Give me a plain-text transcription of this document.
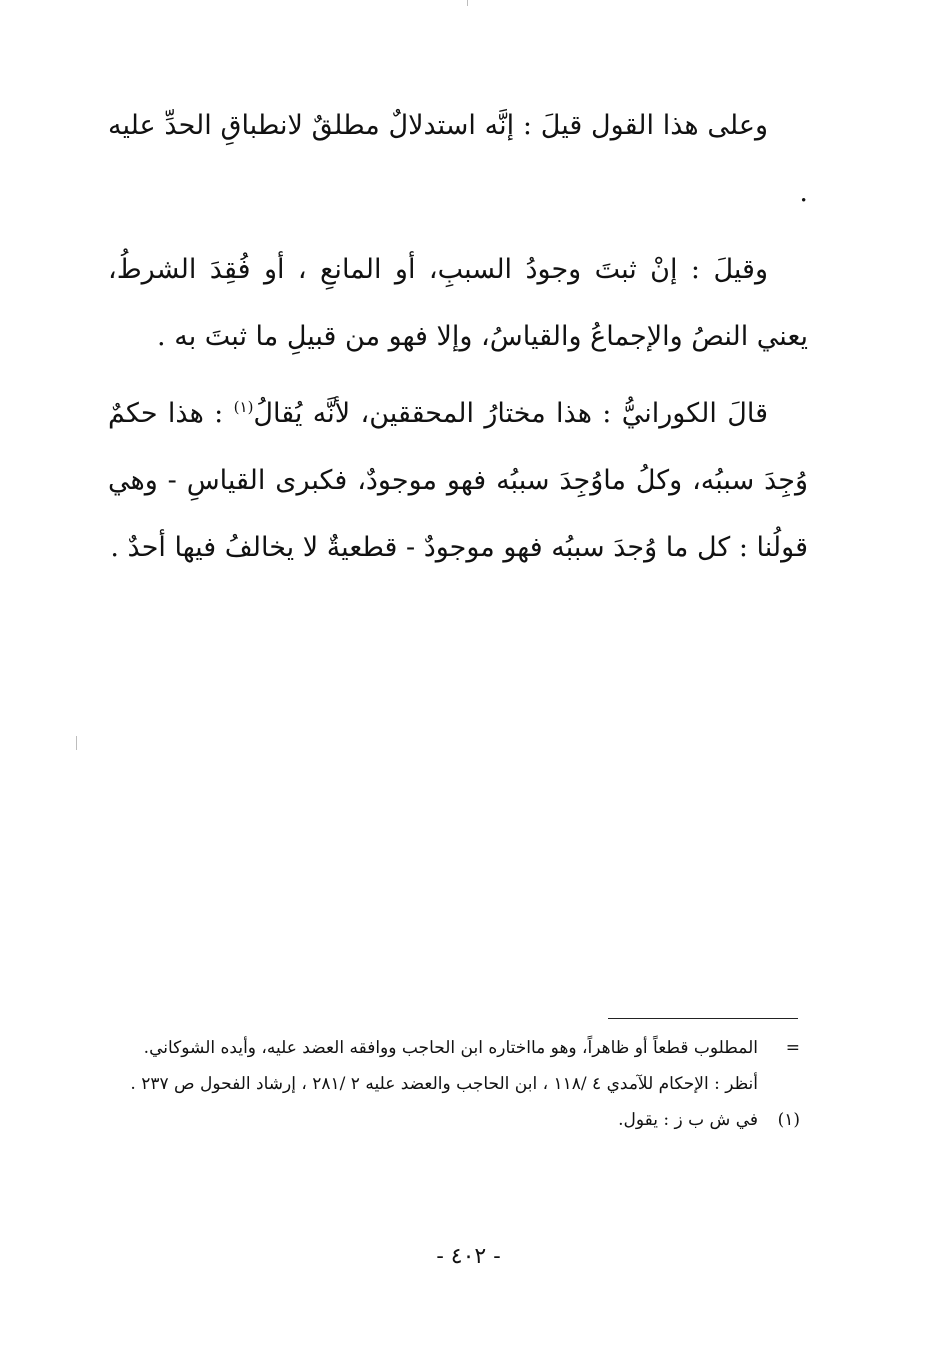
وعلى هذا القول قيلَ : إنَّه استدلالٌ مطلقٌ لانطباقِ الحدِّ عليه .

وقيلَ : إنْ ثبتَ وجودُ السببِ، أو المانعِ ، أو فُقِدَ الشرطُ، يعني النصُ والإجماعُ والقياسُ، وإلا فهو من قبيلِ ما ثبتَ به .

قالَ الكورانيُّ : هذا مختارُ المحققين، لأنَّه يُقالُ$^{(١)}$ : هذا حكمٌ وُجِدَ سببُه، وكلُ ماوُجِدَ سببُه فهو موجودٌ، فكبرى القياسِ - وهي قولُنا : كل ما وُجدَ سببُه فهو موجودٌ - قطعيةٌ لا يخالفُ فيها أحدٌ .

=
المطلوب قطعاً أو ظاهراً، وهو مااختاره ابن الحاجب ووافقه العضد عليه، وأيده الشوكاني.
أنظر : الإحكام للآمدي ٤ /١١٨ ، ابن الحاجب والعضد عليه ٢ /٢٨١ ، إرشاد الفحول ص ٢٣٧ .
(١)
في ش ب ز : يقول.
- ٤٠٢ -
